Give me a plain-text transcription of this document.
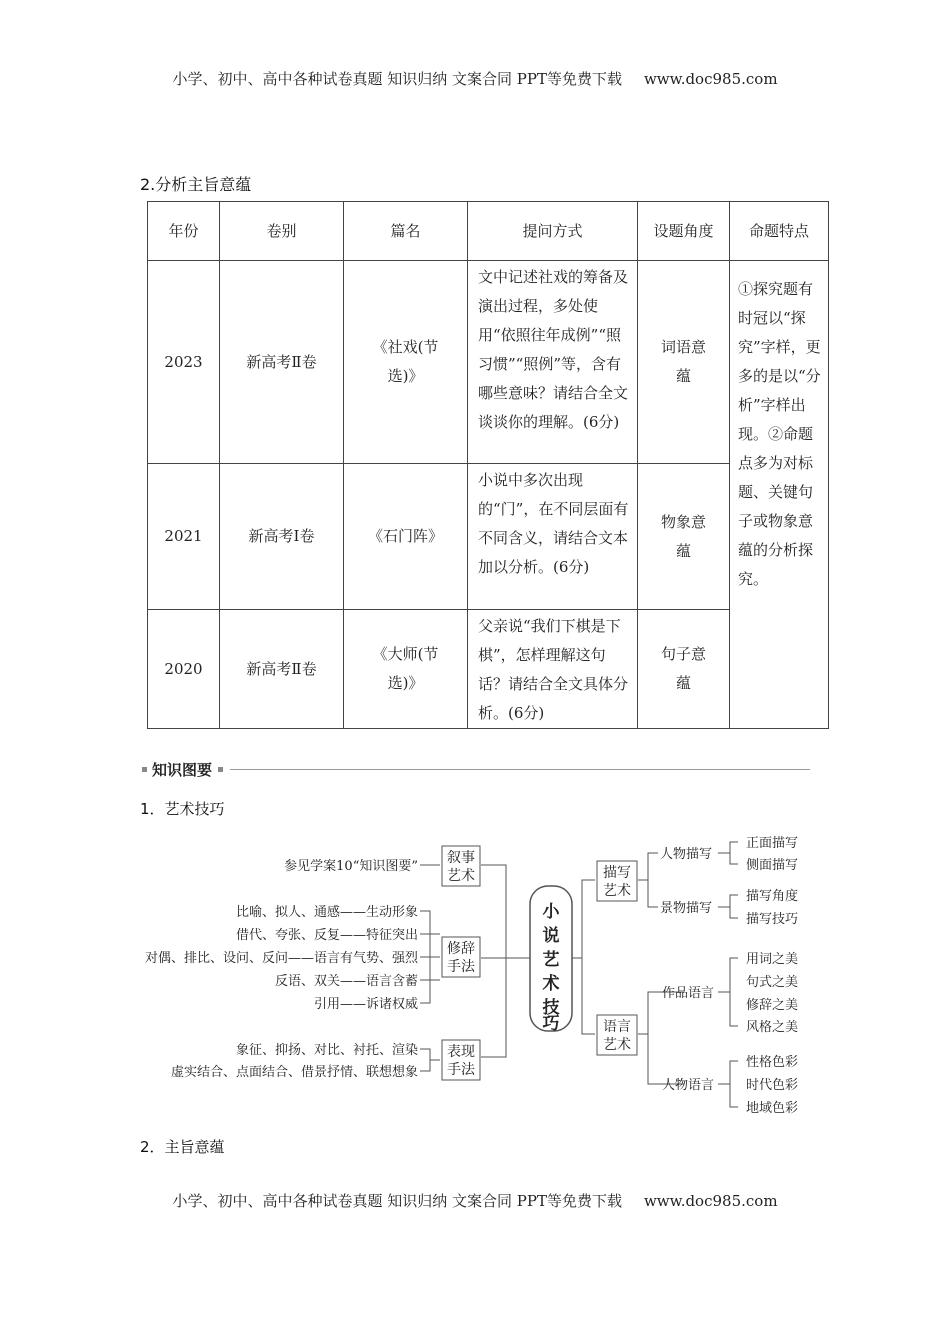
小学、初中、高中各种试卷真题 知识归纳 文案合同 PPT等免费下载 www.doc985.com
2.分析主旨意蕴
年份	卷别	篇名	提问方式	设题角度	命题特点
2023	新高考Ⅱ卷	《社戏(节选)》	文中记述社戏的筹备及演出过程，多处使用“依照往年成例”“照习惯”“照例”等，含有哪些意味？请结合全文谈谈你的理解。(6分)	词语意蕴	①探究题有时冠以“探究”字样，更多的是以“分析”字样出现。②命题点多为对标题、关键句子或物象意蕴的分析探究。
2021	新高考Ⅰ卷	《石门阵》	小说中多次出现的“门”，在不同层面有不同含义，请结合文本加以分析。(6分)	物象意蕴	
2020	新高考Ⅱ卷	《大师(节选)》	父亲说“我们下棋是下棋”，怎样理解这句话？请结合全文具体分析。(6分)	句子意蕴	
知识图要
1．艺术技巧
小
说
艺
术
技
巧
叙事
艺术
修辞
手法
表现
手法
描写
艺术
语言
艺术
参见学案10“知识图要”
比喻、拟人、通感——生动形象
借代、夸张、反复——特征突出
对偶、排比、设问、反问——语言有气势、强烈
反语、双关——语言含蓄
引用——诉诸权威
象征、抑扬、对比、衬托、渲染
虚实结合、点面结合、借景抒情、联想想象
人物描写
景物描写
作品语言
人物语言
正面描写
侧面描写
描写角度
描写技巧
用词之美
句式之美
修辞之美
风格之美
性格色彩
时代色彩
地域色彩
2．主旨意蕴
小学、初中、高中各种试卷真题 知识归纳 文案合同 PPT等免费下载 www.doc985.com
